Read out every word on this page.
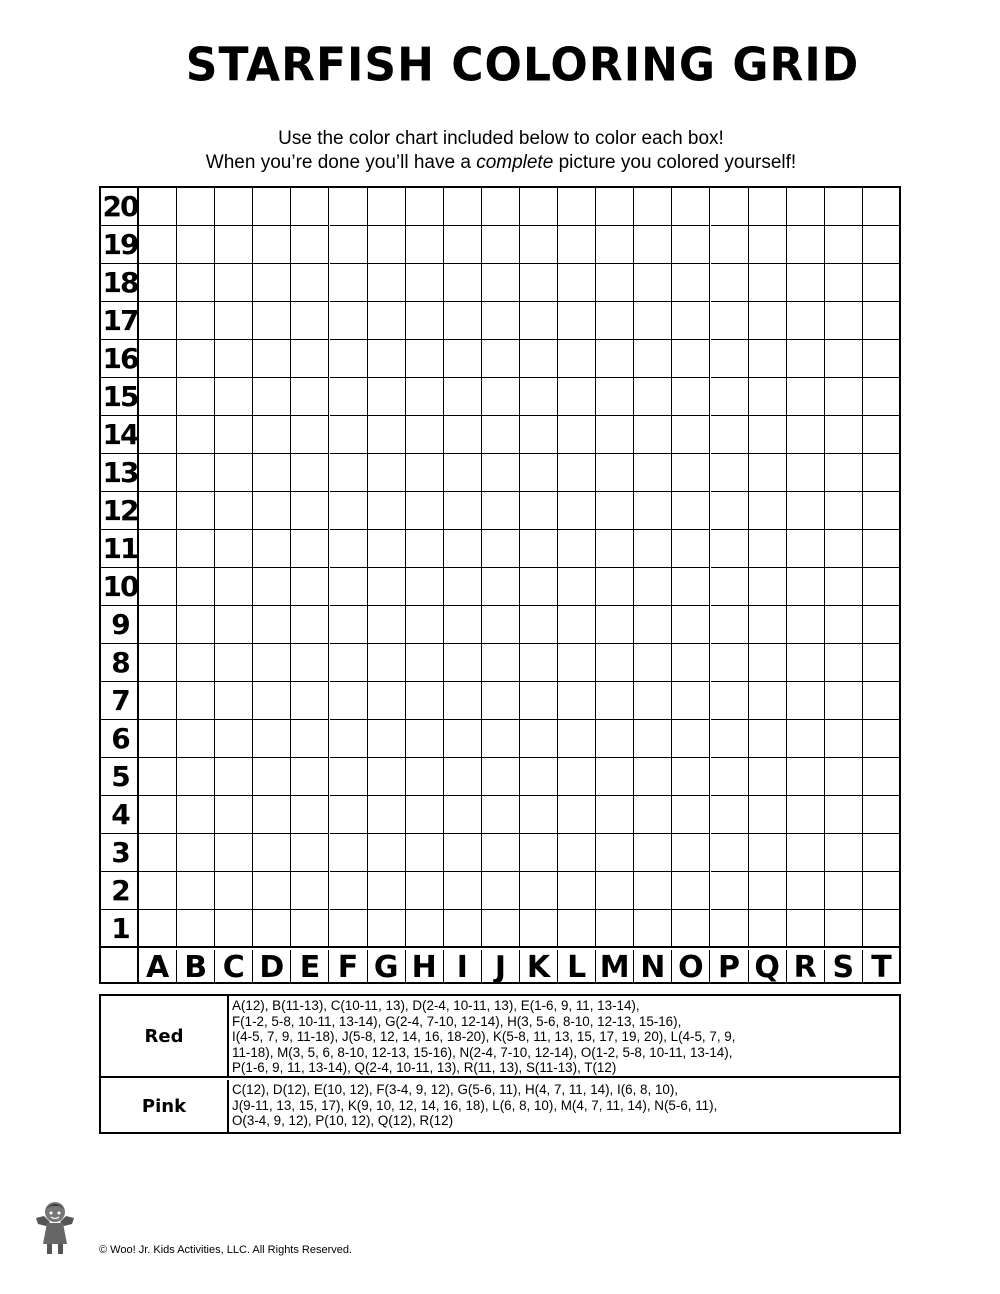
STARFISH COLORING GRID
Use the color chart included below to color each box!
When you’re done you’ll have a complete picture you colored yourself!
20
19
18
17
16
15
14
13
12
11
10
9
8
7
6
5
4
3
2
1
A B C D E F G H I J K L M N O P Q R S T
Red
A(12), B(11-13), C(10-11, 13), D(2-4, 10-11, 13), E(1-6, 9, 11, 13-14),
F(1-2, 5-8, 10-11, 13-14), G(2-4, 7-10, 12-14), H(3, 5-6, 8-10, 12-13, 15-16),
I(4-5, 7, 9, 11-18), J(5-8, 12, 14, 16, 18-20), K(5-8, 11, 13, 15, 17, 19, 20), L(4-5, 7, 9,
11-18), M(3, 5, 6, 8-10, 12-13, 15-16), N(2-4, 7-10, 12-14), O(1-2, 5-8, 10-11, 13-14),
P(1-6, 9, 11, 13-14), Q(2-4, 10-11, 13), R(11, 13), S(11-13), T(12)
Pink
C(12), D(12), E(10, 12), F(3-4, 9, 12), G(5-6, 11), H(4, 7, 11, 14), I(6, 8, 10),
J(9-11, 13, 15, 17), K(9, 10, 12, 14, 16, 18), L(6, 8, 10), M(4, 7, 11, 14), N(5-6, 11),
O(3-4, 9, 12), P(10, 12), Q(12), R(12)
© Woo! Jr. Kids Activities, LLC. All Rights Reserved.
